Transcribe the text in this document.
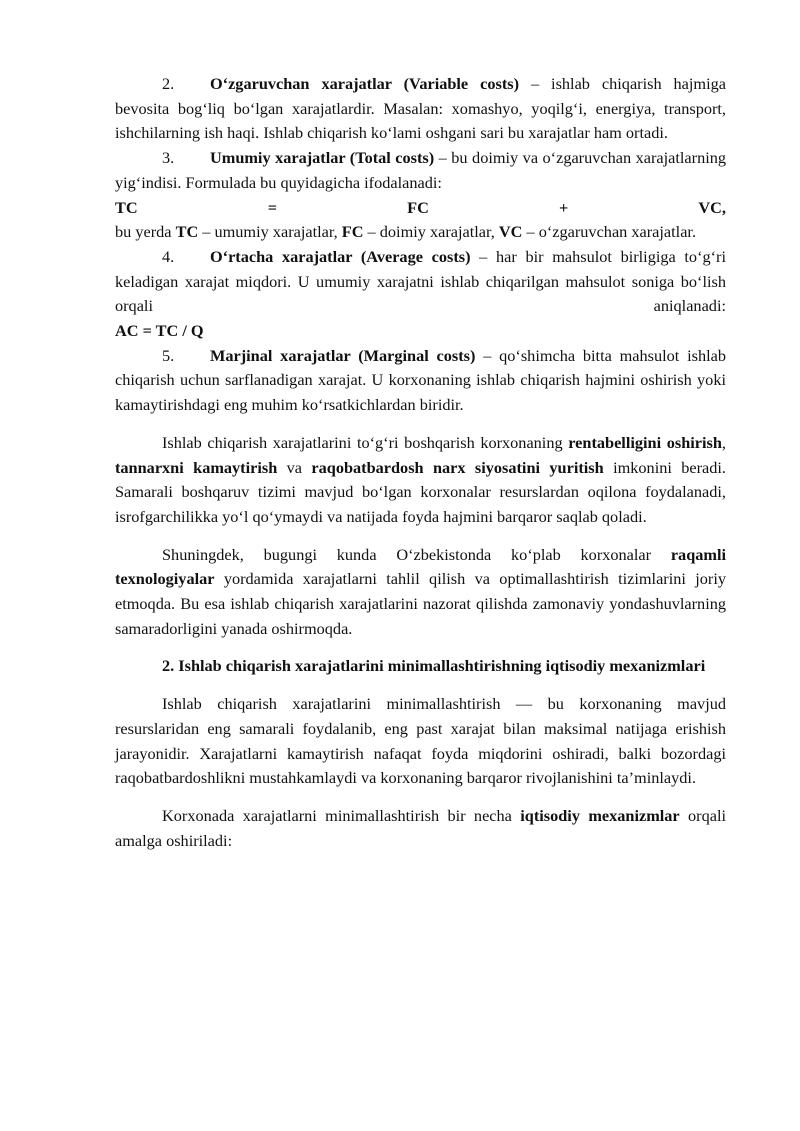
2. O‘zgaruvchan xarajatlar (Variable costs) – ishlab chiqarish hajmiga bevosita bog‘liq bo‘lgan xarajatlardir. Masalan: xomashyo, yoqilg‘i, energiya, transport, ishchilarning ish haqi. Ishlab chiqarish ko‘lami oshgani sari bu xarajatlar ham ortadi.

3. Umumiy xarajatlar (Total costs) – bu doimiy va o‘zgaruvchan xarajatlarning yig‘indisi. Formulada bu quyidagicha ifodalanadi:

TC	=	FC	+	VC,

bu yerda TC – umumiy xarajatlar, FC – doimiy xarajatlar, VC – o‘zgaruvchan xarajatlar.

4. O‘rtacha xarajatlar (Average costs) – har bir mahsulot birligiga to‘g‘ri keladigan xarajat miqdori. U umumiy xarajatni ishlab chiqarilgan mahsulot soniga bo‘lish orqali aniqlanadi:

AC = TC / Q

5. Marjinal xarajatlar (Marginal costs) – qo‘shimcha bitta mahsulot ishlab chiqarish uchun sarflanadigan xarajat. U korxonaning ishlab chiqarish hajmini oshirish yoki kamaytirishdagi eng muhim ko‘rsatkichlardan biridir.

Ishlab chiqarish xarajatlarini to‘g‘ri boshqarish korxonaning rentabelligini oshirish, tannarxni kamaytirish va raqobatbardosh narx siyosatini yuritish imkonini beradi. Samarali boshqaruv tizimi mavjud bo‘lgan korxonalar resurslardan oqilona foydalanadi, isrofgarchilikka yo‘l qo‘ymaydi va natijada foyda hajmini barqaror saqlab qoladi.

Shuningdek, bugungi kunda O‘zbekistonda ko‘plab korxonalar raqamli texnologiyalar yordamida xarajatlarni tahlil qilish va optimallashtirish tizimlarini joriy etmoqda. Bu esa ishlab chiqarish xarajatlarini nazorat qilishda zamonaviy yondashuvlarning samaradorligini yanada oshirmoqda.

2. Ishlab chiqarish xarajatlarini minimallashtirishning iqtisodiy mexanizmlari

Ishlab chiqarish xarajatlarini minimallashtirish — bu korxonaning mavjud resurslaridan eng samarali foydalanib, eng past xarajat bilan maksimal natijaga erishish jarayonidir. Xarajatlarni kamaytirish nafaqat foyda miqdorini oshiradi, balki bozordagi raqobatbardoshlikni mustahkamlaydi va korxonaning barqaror rivojlanishini ta’minlaydi.

Korxonada xarajatlarni minimallashtirish bir necha iqtisodiy mexanizmlar orqali amalga oshiriladi:
